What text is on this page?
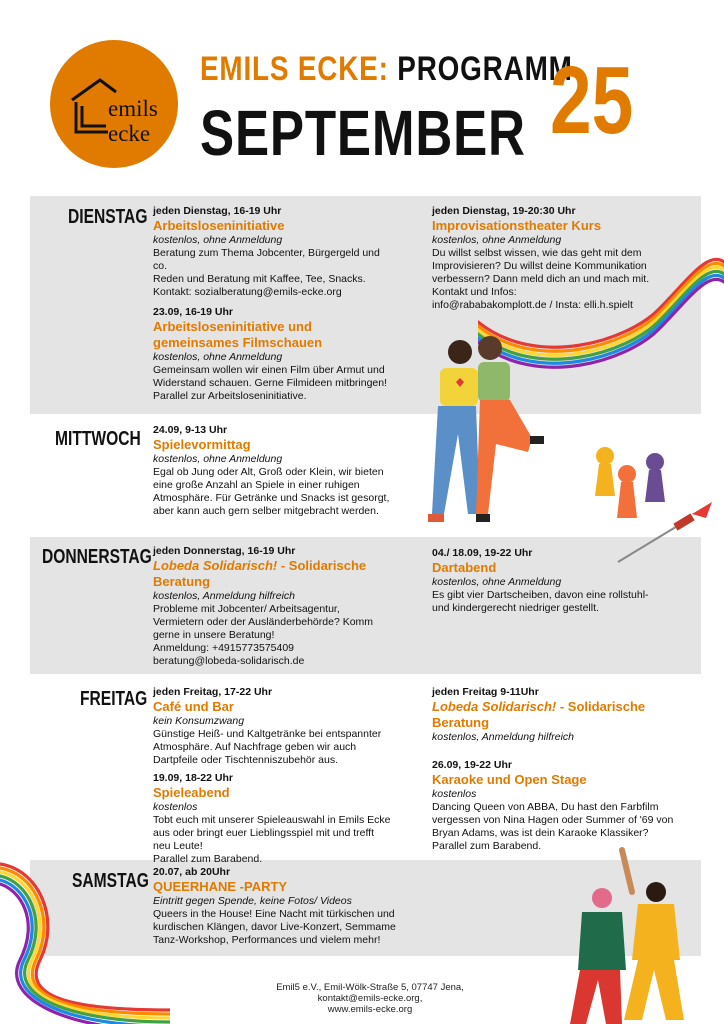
emils
ecke
EMILS ECKE: PROGRAMM
SEPTEMBER 25
DIENSTAG jeden Dienstag, 16-19 Uhr
Arbeitsloseninitiative
kostenlos, ohne Anmeldung
Beratung zum Thema Jobcenter, Bürgergeld und
co.
Reden und Beratung mit Kaffee, Tee, Snacks.
Kontakt: sozialberatung@emils-ecke.org
jeden Dienstag, 19-20:30 Uhr
Improvisationstheater Kurs
kostenlos, ohne Anmeldung
Du willst selbst wissen, wie das geht mit dem
Improvisieren? Du willst deine Kommunikation
verbessern? Dann meld dich an und mach mit.
Kontakt und Infos:
info@rababakomplott.de / Insta: elli.h.spielt
23.09, 16-19 Uhr
Arbeitsloseninitiative und
gemeinsames Filmschauen
kostenlos, ohne Anmeldung
Gemeinsam wollen wir einen Film über Armut und
Widerstand schauen. Gerne Filmideen mitbringen!
Parallel zur Arbeitsloseninitiative.
MITTWOCH 24.09, 9-13 Uhr
Spielevormittag
kostenlos, ohne Anmeldung
Egal ob Jung oder Alt, Groß oder Klein, wir bieten
eine große Anzahl an Spiele in einer ruhigen
Atmosphäre. Für Getränke und Snacks ist gesorgt,
aber kann auch gern selber mitgebracht werden.
DONNERSTAG jeden Donnerstag, 16-19 Uhr
Lobeda Solidarisch! - Solidarische
Beratung
kostenlos, Anmeldung hilfreich
Probleme mit Jobcenter/ Arbeitsagentur,
Vermietern oder der Ausländerbehörde? Komm
gerne in unsere Beratung!
Anmeldung: +4915773575409
beratung@lobeda-solidarisch.de
04./ 18.09, 19-22 Uhr
Dartabend
kostenlos, ohne Anmeldung
Es gibt vier Dartscheiben, davon eine rollstuhl-
und kindergerecht niedriger gestellt.
FREITAG jeden Freitag, 17-22 Uhr
Café und Bar
kein Konsumzwang
Günstige Heiß- und Kaltgetränke bei entspannter
Atmosphäre. Auf Nachfrage geben wir auch
Dartpfeile oder Tischtenniszubehör aus.
jeden Freitag 9-11Uhr
Lobeda Solidarisch! - Solidarische
Beratung
kostenlos, Anmeldung hilfreich
19.09, 18-22 Uhr
Spieleabend
kostenlos
Tobt euch mit unserer Spieleauswahl in Emils Ecke
aus oder bringt euer Lieblingsspiel mit und trefft
neu Leute!
Parallel zum Barabend.
26.09, 19-22 Uhr
Karaoke und Open Stage
kostenlos
Dancing Queen von ABBA, Du hast den Farbfilm
vergessen von Nina Hagen oder Summer of '69 von
Bryan Adams, was ist dein Karaoke Klassiker?
Parallel zum Barabend.
SAMSTAG 20.07, ab 20Uhr
QUEERHANE -PARTY
Eintritt gegen Spende, keine Fotos/ Videos
Queers in the House! Eine Nacht mit türkischen und
kurdischen Klängen, davor Live-Konzert, Semmame
Tanz-Workshop, Performances und vielem mehr!
Emil5 e.V., Emil-Wölk-Straße 5, 07747 Jena,
kontakt@emils-ecke.org,
www.emils-ecke.org
